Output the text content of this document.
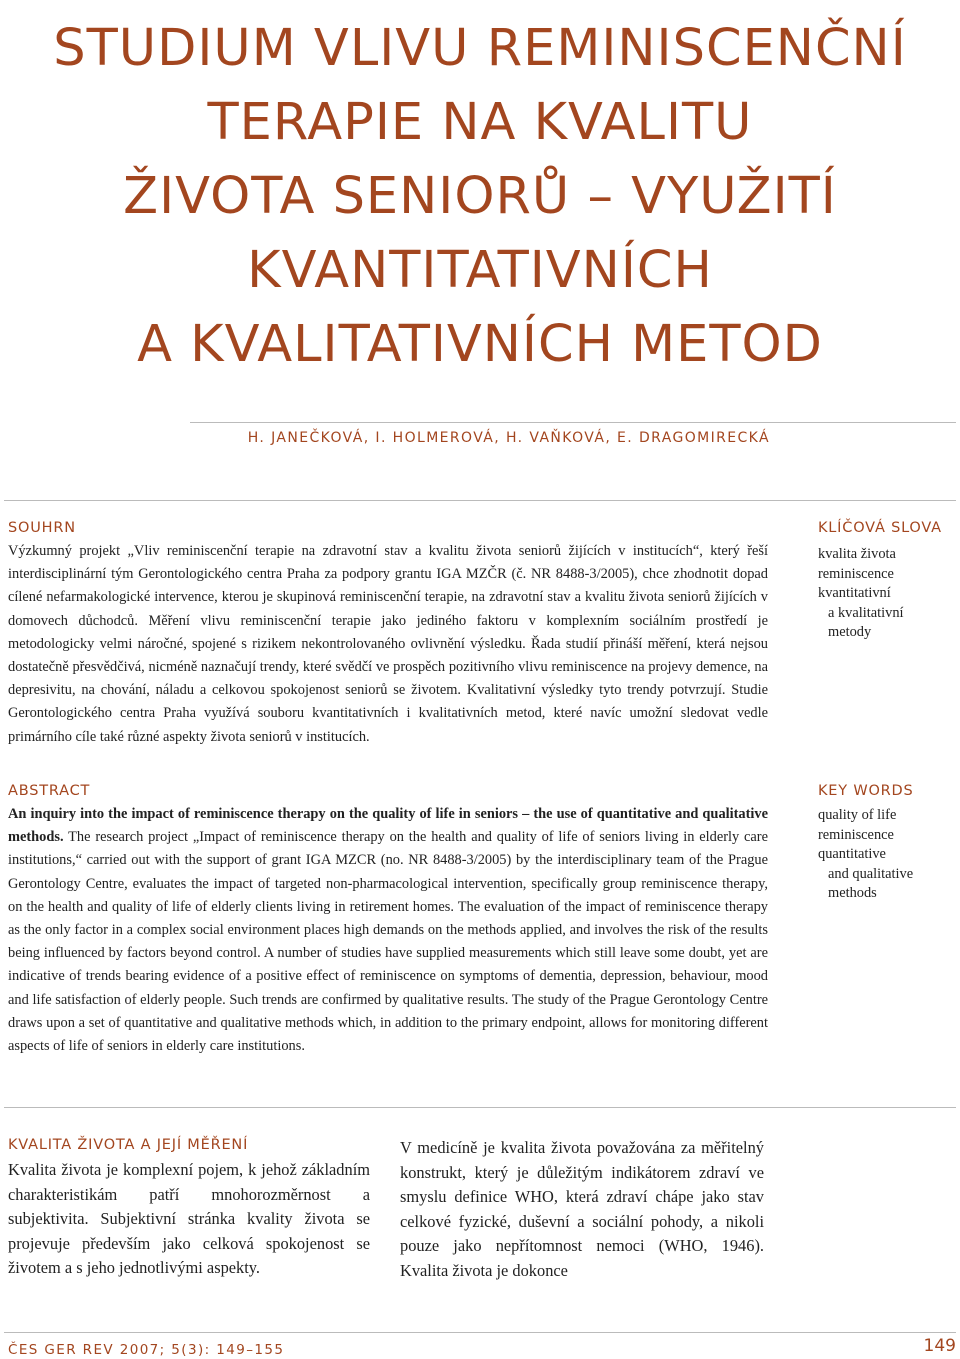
STUDIUM VLIVU REMINISCENČNÍ
TERAPIE NA KVALITU
ŽIVOTA SENIORŮ – VYUŽITÍ
KVANTITATIVNÍCH
A KVALITATIVNÍCH METOD
H. JANEČKOVÁ, I. HOLMEROVÁ, H. VAŇKOVÁ, E. DRAGOMIRECKÁ
SOUHRN

Výzkumný projekt „Vliv reminiscenční terapie na zdravotní stav a kvalitu života seniorů žijících v institucích“, který řeší interdisciplinární tým Gerontologického centra Praha za podpory grantu IGA MZČR (č. NR 8488-3/2005), chce zhodnotit dopad cílené nefarmakologické intervence, kterou je skupinová reminiscenční terapie, na zdravotní stav a kvalitu života seniorů žijících v domovech důchodců. Měření vlivu reminiscenční terapie jako jediného faktoru v komplexním sociálním prostředí je metodologicky velmi náročné, spojené s rizikem nekontrolovaného ovlivnění výsledku. Řada studií přináší měření, která nejsou dostatečně přesvědčivá, nicméně naznačují trendy, které svědčí ve prospěch pozitivního vlivu reminiscence na projevy demence, na depresivitu, na chování, náladu a celkovou spokojenost seniorů se životem. Kvalitativní výsledky tyto trendy potvrzují. Studie Gerontologického centra Praha využívá souboru kvantitativních i kvalitativních metod, které navíc umožní sledovat vedle primárního cíle také různé aspekty života seniorů v institucích.

KLÍČOVÁ SLOVA
kvalita života
reminiscence
kvantitativní
a kvalitativní
metody
ABSTRACT

An inquiry into the impact of reminiscence therapy on the quality of life in seniors – the use of quantitative and qualitative methods. The research project „Impact of reminiscence therapy on the health and quality of life of seniors living in elderly care institutions,“ carried out with the support of grant IGA MZCR (no. NR 8488-3/2005) by the interdisciplinary team of the Prague Gerontology Centre, evaluates the impact of targeted non-pharmacological intervention, specifically group reminiscence therapy, on the health and quality of life of elderly clients living in retirement homes. The evaluation of the impact of reminiscence therapy as the only factor in a complex social environment places high demands on the methods applied, and involves the risk of the results being influenced by factors beyond control. A number of studies have supplied measurements which still leave some doubt, yet are indicative of trends bearing evidence of a positive effect of reminiscence on symptoms of dementia, depression, behaviour, mood and life satisfaction of elderly people. Such trends are confirmed by qualitative results. The study of the Prague Gerontology Centre draws upon a set of quantitative and qualitative methods which, in addition to the primary endpoint, allows for monitoring different aspects of life of seniors in elderly care institutions.

KEY WORDS
quality of life
reminiscence
quantitative
and qualitative
methods
KVALITA ŽIVOTA A JEJÍ MĚŘENÍ

Kvalita života je komplexní pojem, k jehož základním charakteristikám patří mnohorozměrnost a subjektivita. Subjektivní stránka kvality života se projevuje především jako celková spokojenost se životem a s jeho jednotlivými aspekty.

V medicíně je kvalita života považována za měřitelný konstrukt, který je důležitým indikátorem zdraví ve smyslu definice WHO, která zdraví chápe jako stav celkové fyzické, duševní a sociální pohody, a nikoli pouze jako nepřítomnost nemoci (WHO, 1946). Kvalita života je dokonce

ČES GER REV 2007; 5(3): 149–155	149
